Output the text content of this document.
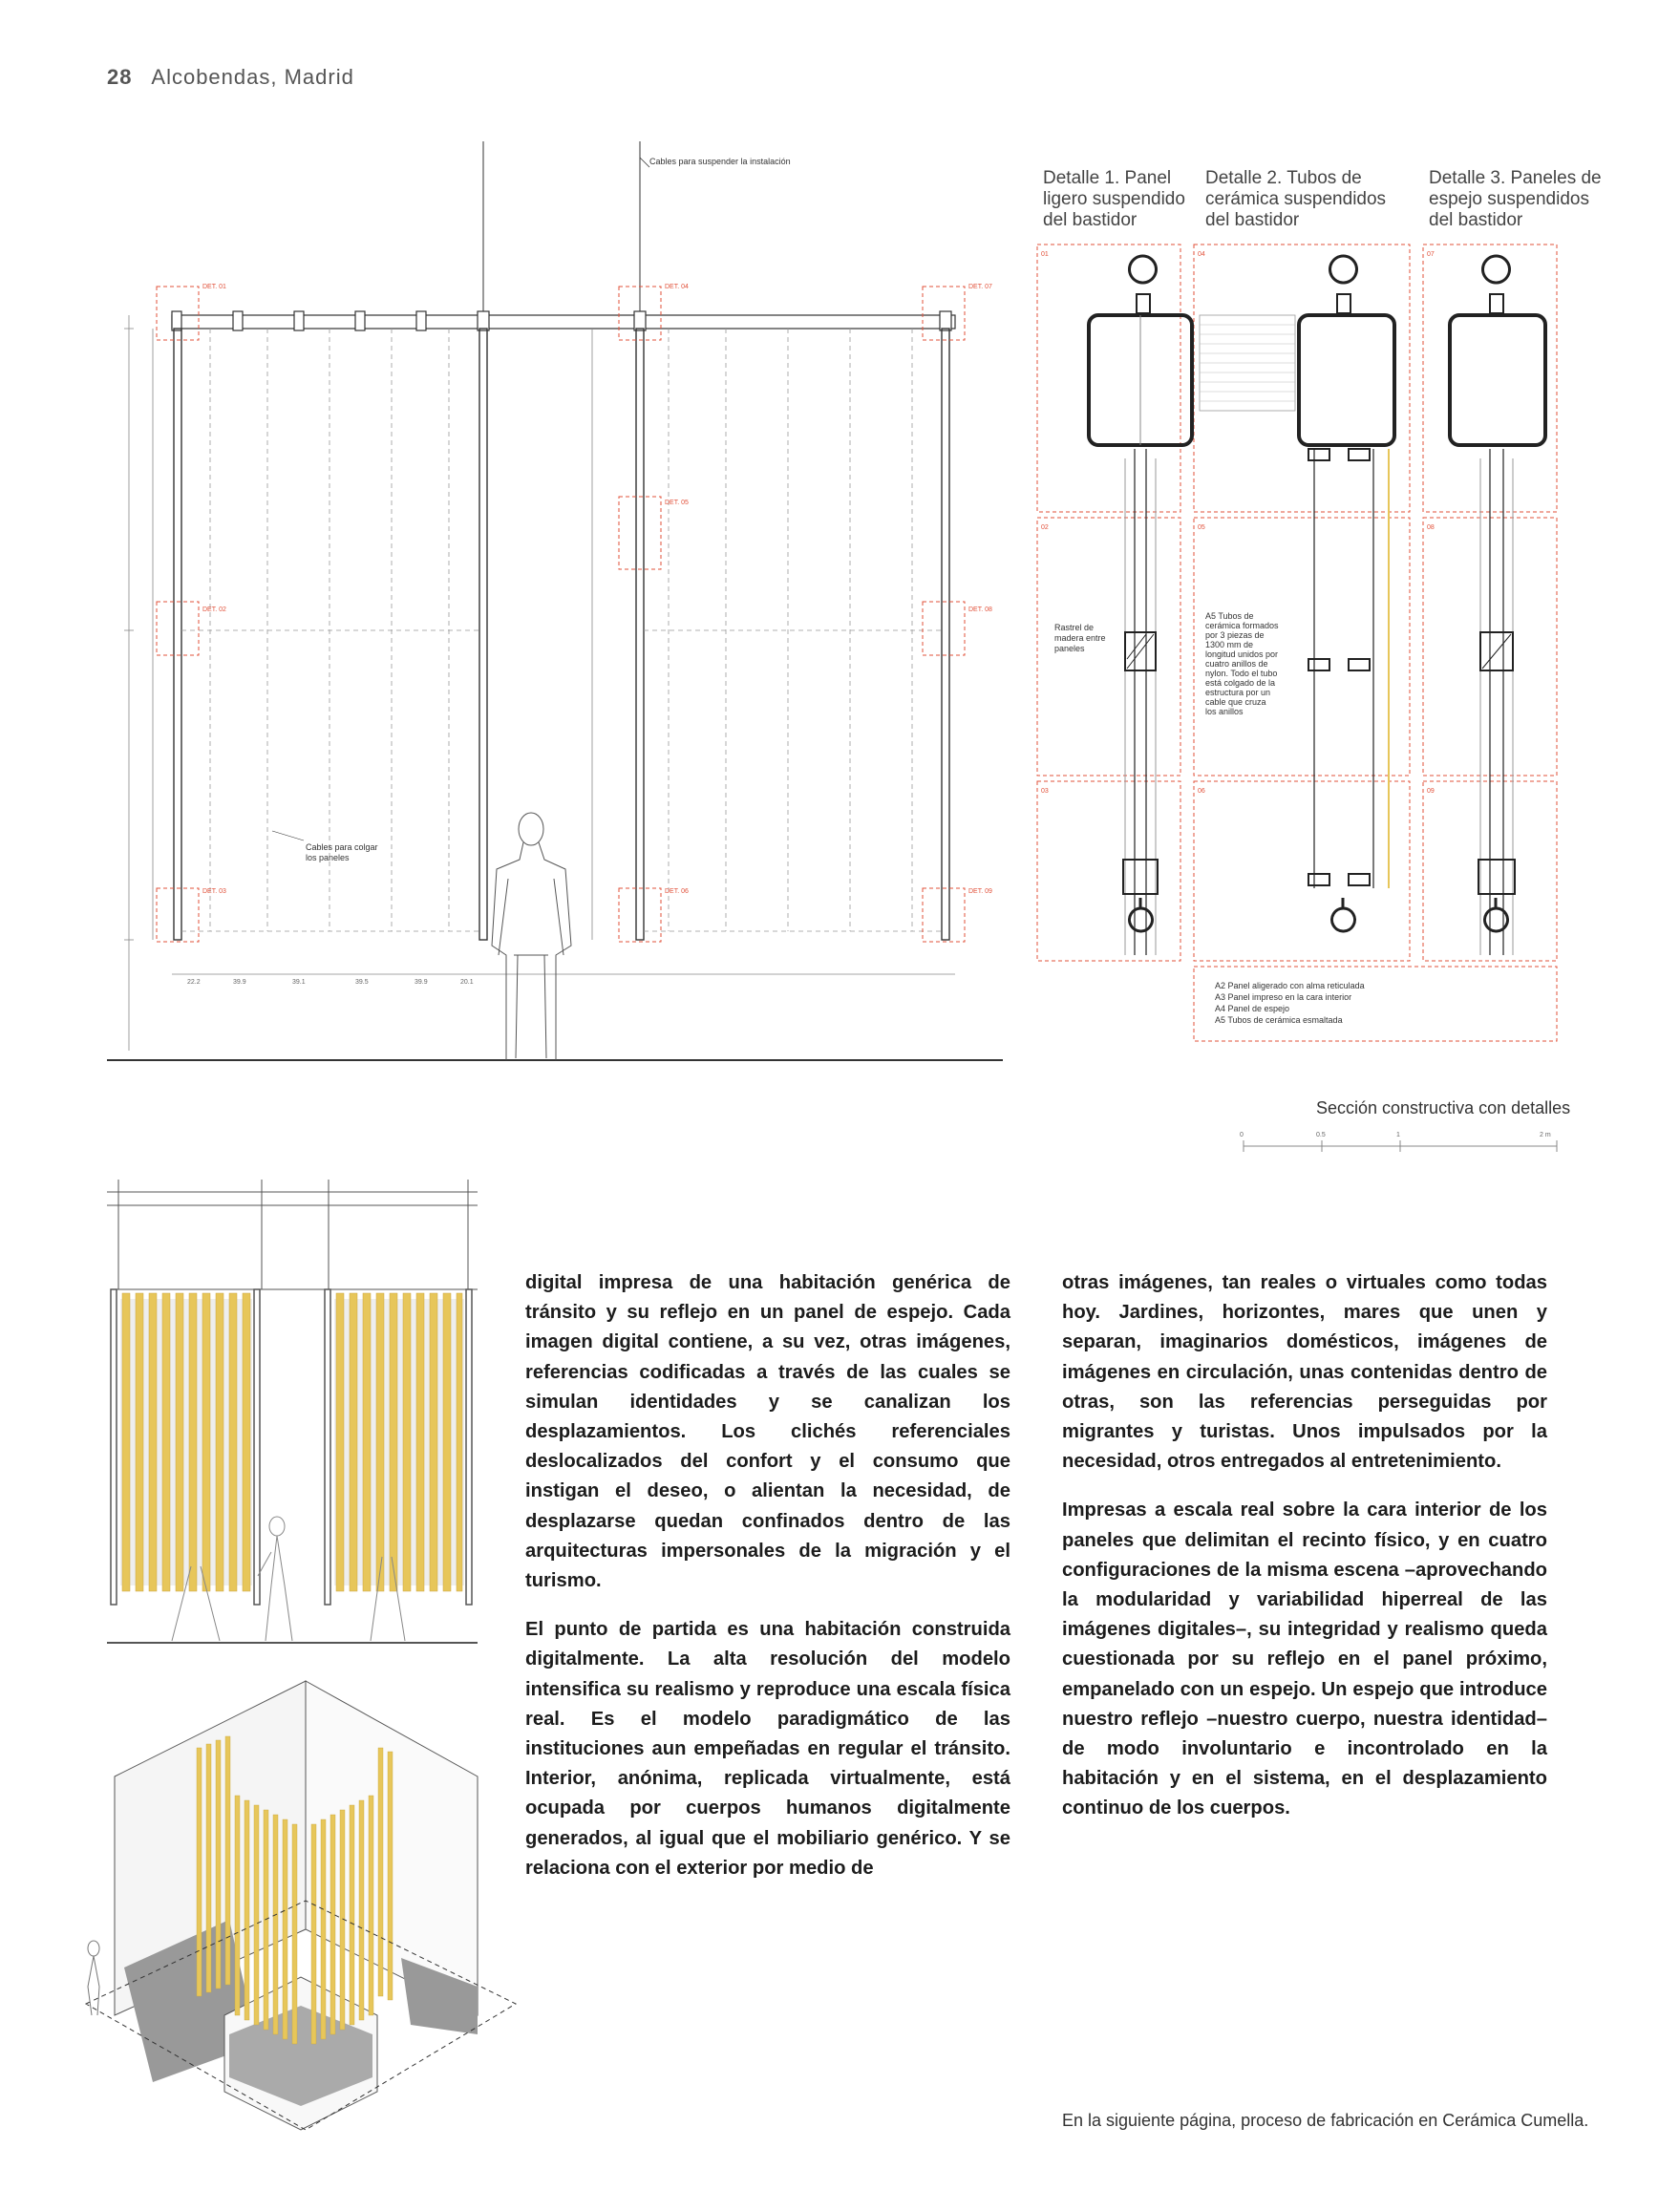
28 Alcobendas, Madrid
DET. 01
DET. 02
DET. 03
DET. 04
DET. 05
DET. 06
DET. 07
DET. 08
DET. 09
Cables para suspender la instalación
Cables para colgar
los paneles
22.2	39.9	39.1	39.5	39.9	20.1
01
02
03
04
05
06
07
08
09
Rastrel de
madera entre
paneles
A5 Tubos de
cerámica formados
por 3 piezas de
1300 mm de
longitud unidos por
cuatro anillos de
nylon. Todo el tubo
está colgado de la
estructura por un
cable que cruza
los anillos
A2 Panel aligerado con alma reticulada
A3 Panel impreso en la cara interior
A4 Panel de espejo
A5 Tubos de cerámica esmaltada
0	0.5	1	2 m
Detalle 1. Panel
ligero suspendido
del bastidor
Detalle 2. Tubos de
cerámica suspendidos
del bastidor
Detalle 3. Paneles de
espejo suspendidos
del bastidor
Sección constructiva con detalles

digital impresa de una habitación genérica de tránsito y su reflejo en un panel de espejo. Cada imagen digital contiene, a su vez, otras imágenes, referencias codificadas a través de las cuales se simulan identidades y se canalizan los desplazamientos. Los clichés referenciales deslocalizados del confort y el consumo que instigan el deseo, o alientan la necesidad, de desplazarse quedan confinados dentro de las arquitecturas impersonales de la migración y el turismo.

El punto de partida es una habitación construida digitalmente. La alta resolución del modelo intensifica su realismo y reproduce una escala física real. Es el modelo paradigmático de las instituciones aun empeñadas en regular el tránsito. Interior, anónima, replicada virtualmente, está ocupada por cuerpos humanos digitalmente generados, al igual que el mobiliario genérico. Y se relaciona con el exterior por medio de

otras imágenes, tan reales o virtuales como todas hoy. Jardines, horizontes, mares que unen y separan, imaginarios domésticos, imágenes de imágenes en circulación, unas contenidas dentro de otras, son las referencias perseguidas por migrantes y turistas. Unos impulsados por la necesidad, otros entregados al entretenimiento.

Impresas a escala real sobre la cara interior de los paneles que delimitan el recinto físico, y en cuatro configuraciones de la misma escena –aprovechando la modularidad y variabilidad hiperreal de las imágenes digitales–, su integridad y realismo queda cuestionada por su reflejo en el panel próximo, empanelado con un espejo. Un espejo que introduce nuestro reflejo –nuestro cuerpo, nuestra identidad– de modo involuntario e incontrolado en la habitación y en el sistema, en el desplazamiento continuo de los cuerpos.

En la siguiente página, proceso de fabricación en Cerámica Cumella.
